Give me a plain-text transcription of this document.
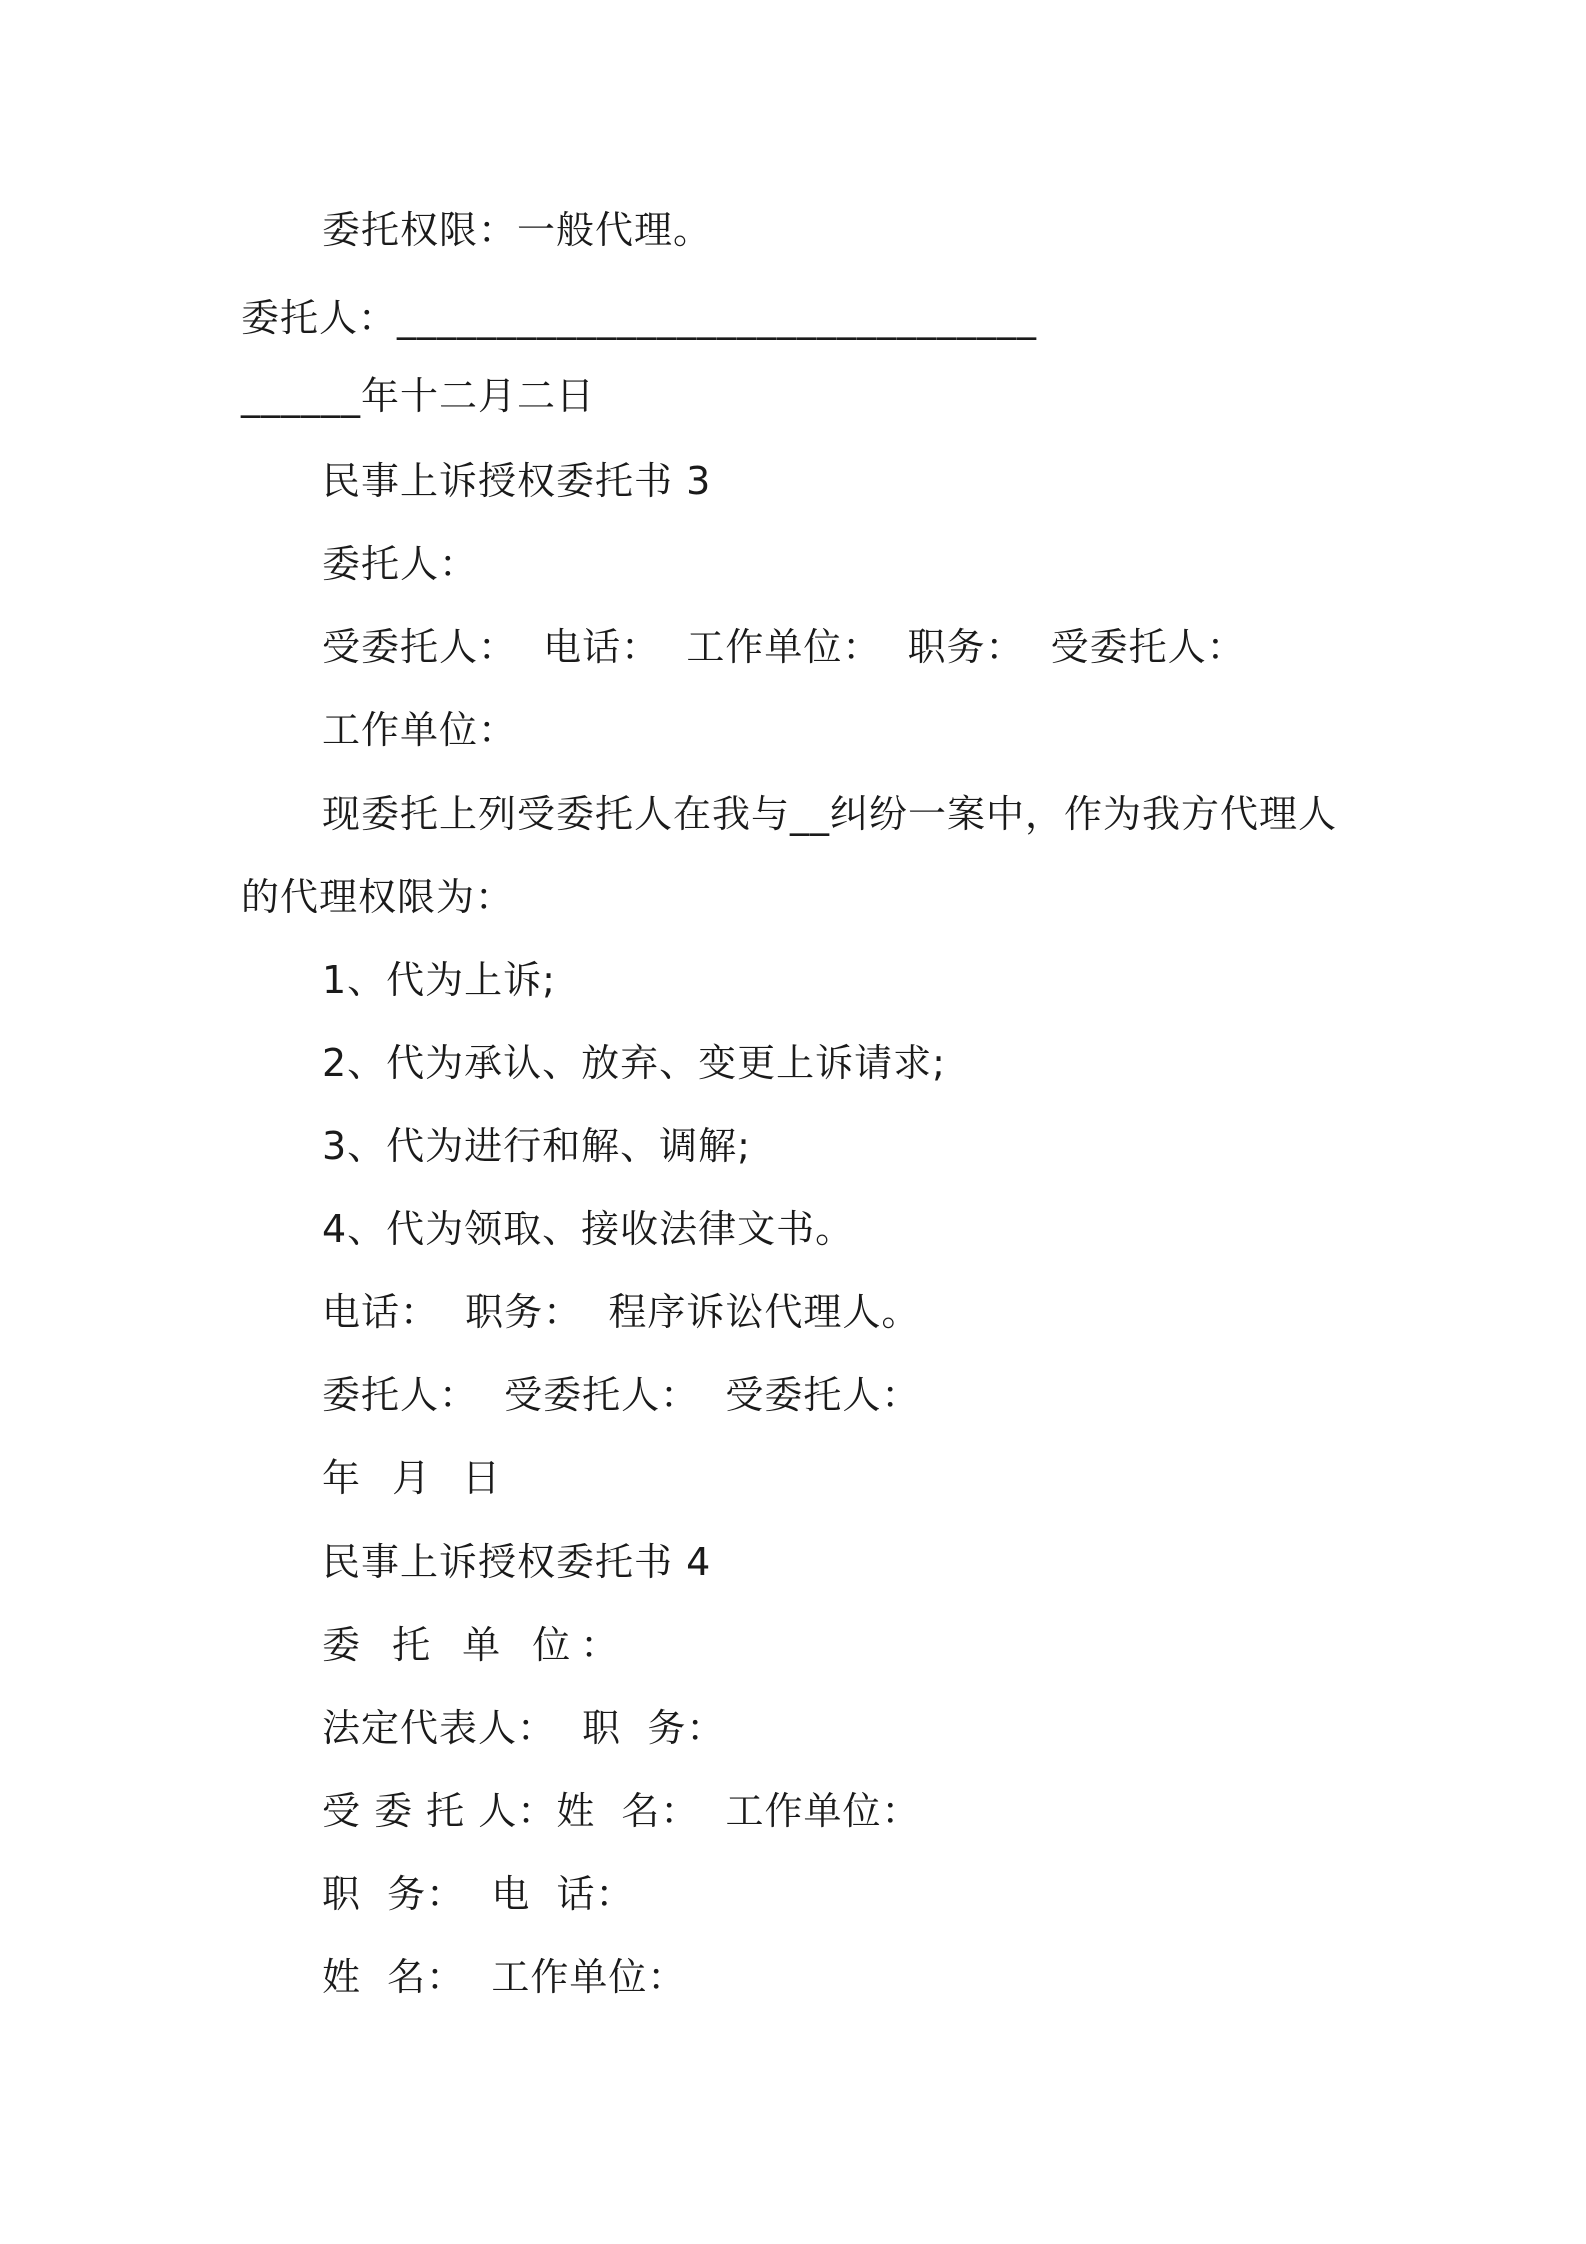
委托权限：一般代理。
委托人：________________________________
______年十二月二日
民事上诉授权委托书 3
委托人：
受委托人：  电话：  工作单位：  职务：  受委托人：
工作单位：
现委托上列受委托人在我与__纠纷一案中，作为我方代理人
的代理权限为：
1、代为上诉;
2、代为承认、放弃、变更上诉请求;
3、代为进行和解、调解;
4、代为领取、接收法律文书。
电话：  职务：  程序诉讼代理人。
委托人：  受委托人：  受委托人：
年 月 日
民事上诉授权委托书 4
委 托 单 位：
法定代表人：  职  务：
受 委 托 人：姓  名：  工作单位：
职  务：  电  话：
姓  名：  工作单位：
